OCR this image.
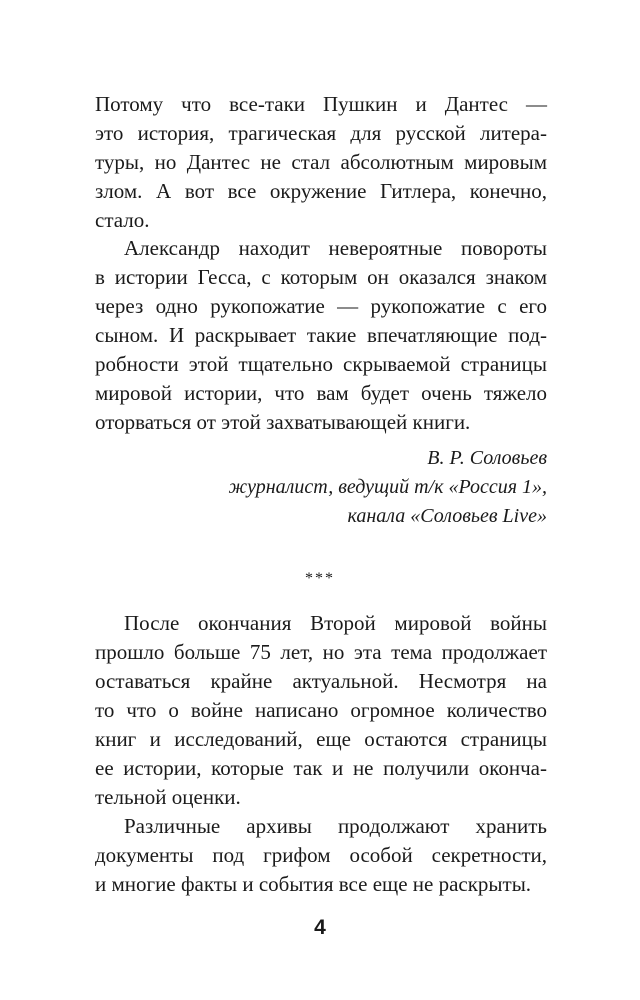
Потому что все-таки Пушкин и Дантес —
это история, трагическая для русской литера-
туры, но Дантес не стал абсолютным мировым
злом. А вот все окружение Гитлера, конечно,
стало.
Александр находит невероятные повороты
в истории Гесса, с которым он оказался знаком
через одно рукопожатие — рукопожатие с его
сыном. И раскрывает такие впечатляющие под-
робности этой тщательно скрываемой страницы
мировой истории, что вам будет очень тяжело
оторваться от этой захватывающей книги.
В. Р. Соловьев
журналист, ведущий т/к «Россия 1»,
канала «Соловьев Live»
***
После окончания Второй мировой войны
прошло больше 75 лет, но эта тема продолжает
оставаться крайне актуальной. Несмотря на
то что о войне написано огромное количество
книг и исследований, еще остаются страницы
ее истории, которые так и не получили оконча-
тельной оценки.
Различные архивы продолжают хранить
документы под грифом особой секретности,
и многие факты и события все еще не раскрыты.
4
